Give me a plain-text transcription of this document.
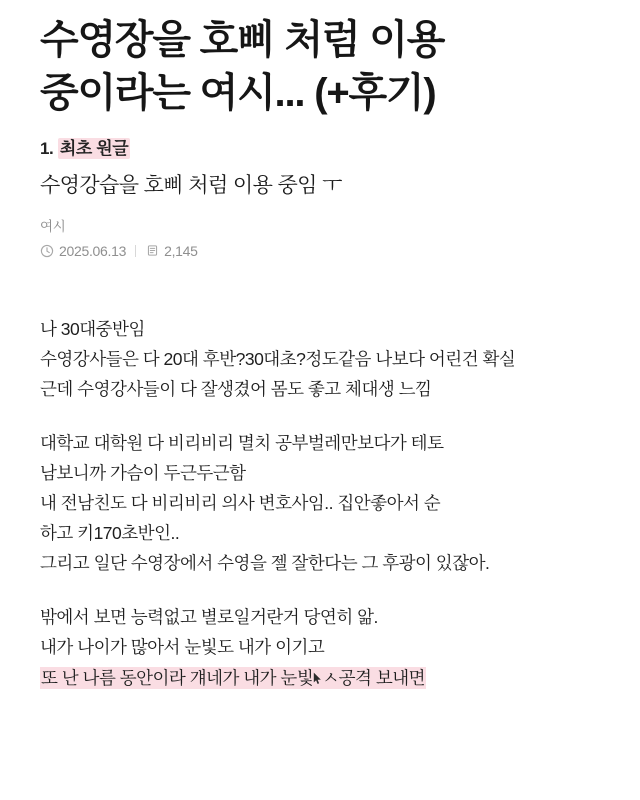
수영장을 호삐 처럼 이용 중이라는 여시... (+후기)
1. 최초 원글
수영강습을 호삐 처럼 이용 중임 ㅜ
여시
2025.06.13	2,145

나 30대중반임
수영강사들은 다 20대 후반?30대초?정도같음 나보다 어린건 확실
근데 수영강사들이 다 잘생겼어 몸도 좋고 체대생 느낌

대학교 대학원 다 비리비리 멸치 공부벌레만보다가 테토
남보니까 가슴이 두근두근함
내 전남친도 다 비리비리 의사 변호사임.. 집안좋아서 순
하고 키170초반인..
그리고 일단 수영장에서 수영을 젤 잘한다는 그 후광이 있잖아.

밖에서 보면 능력없고 별로일거란거 당연히 앎.
내가 나이가 많아서 눈빛도 내가 이기고
또 난 나름 동안이라 걔네가 내가 눈빛 ㅅ공격 보내면
